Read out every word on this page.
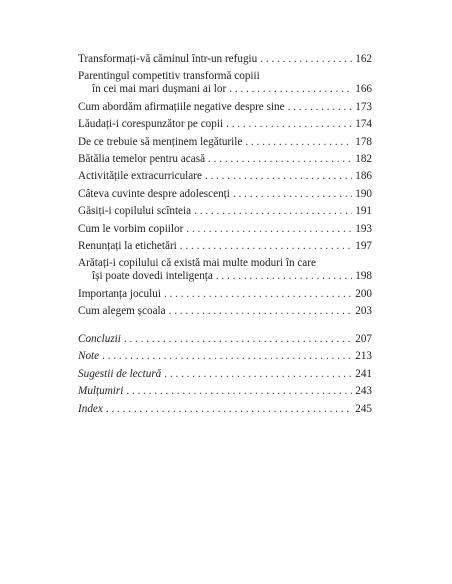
Transformați-vă căminul într-un refugiu . . .	162
Parentingul competitiv transformă copiii
în cei mai mari dușmani ai lor . . .	166
Cum abordăm afirmațiile negative despre sine . . .	173
Lăudați-i corespunzător pe copii . . .	174
De ce trebuie să menținem legăturile . . .	178
Bătălia temelor pentru acasă . . .	182
Activitățile extracurriculare . . .	186
Câteva cuvinte despre adolescenți . . .	190
Găsiți-i copilului scînteia . . .	191
Cum le vorbim copiilor . . .	193
Renunțați la etichetări . . .	197
Arătați-i copilului că există mai multe moduri în care
își poate dovedi inteligența . . .	198
Importanța jocului . . .	200
Cum alegem școala . . .	203
Concluzii . . .	207
Note . . .	213
Sugestii de lectură . . .	241
Mulțumiri . . .	243
Index . . .	245
